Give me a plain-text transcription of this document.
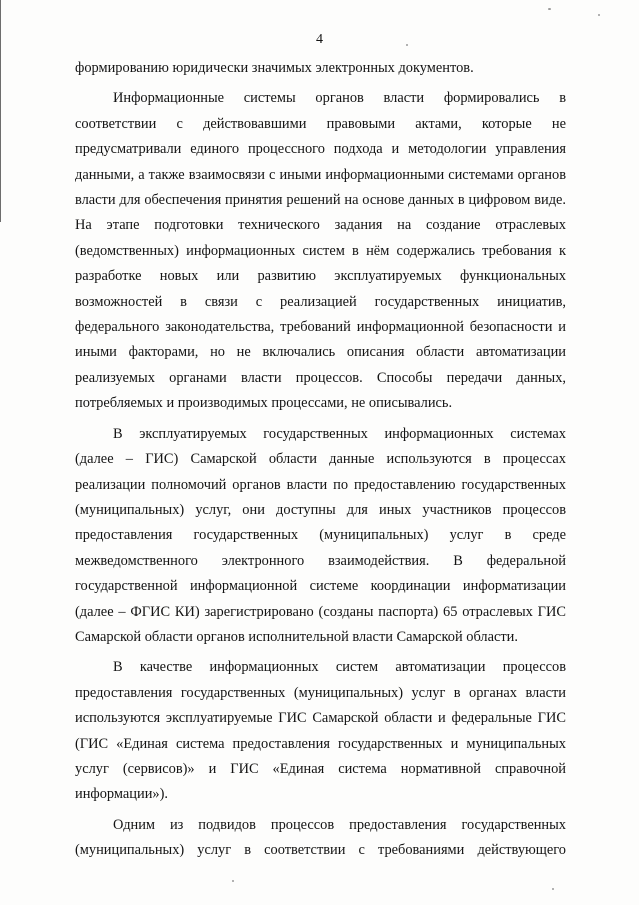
4

формированию юридически значимых электронных документов.

Информационные системы органов власти формировались в
соответствии с действовавшими правовыми актами, которые не
предусматривали единого процессного подхода и методологии управления
данными, а также взаимосвязи с иными информационными системами органов
власти для обеспечения принятия решений на основе данных в цифровом виде.
На этапе подготовки технического задания на создание отраслевых
(ведомственных) информационных систем в нём содержались требования к
разработке новых или развитию эксплуатируемых функциональных
возможностей в связи с реализацией государственных инициатив,
федерального законодательства, требований информационной безопасности и
иными факторами, но не включались описания области автоматизации
реализуемых органами власти процессов. Способы передачи данных,
потребляемых и производимых процессами, не описывались.

В эксплуатируемых государственных информационных системах
(далее – ГИС) Самарской области данные используются в процессах
реализации полномочий органов власти по предоставлению государственных
(муниципальных) услуг, они доступны для иных участников процессов
предоставления государственных (муниципальных) услуг в среде
межведомственного электронного взаимодействия. В федеральной
государственной информационной системе координации информатизации
(далее – ФГИС КИ) зарегистрировано (созданы паспорта) 65 отраслевых ГИС
Самарской области органов исполнительной власти Самарской области.

В качестве информационных систем автоматизации процессов
предоставления государственных (муниципальных) услуг в органах власти
используются эксплуатируемые ГИС Самарской области и федеральные ГИС
(ГИС «Единая система предоставления государственных и муниципальных
услуг (сервисов)» и ГИС «Единая система нормативной справочной
информации»).

Одним из подвидов процессов предоставления государственных
(муниципальных) услуг в соответствии с требованиями действующего
